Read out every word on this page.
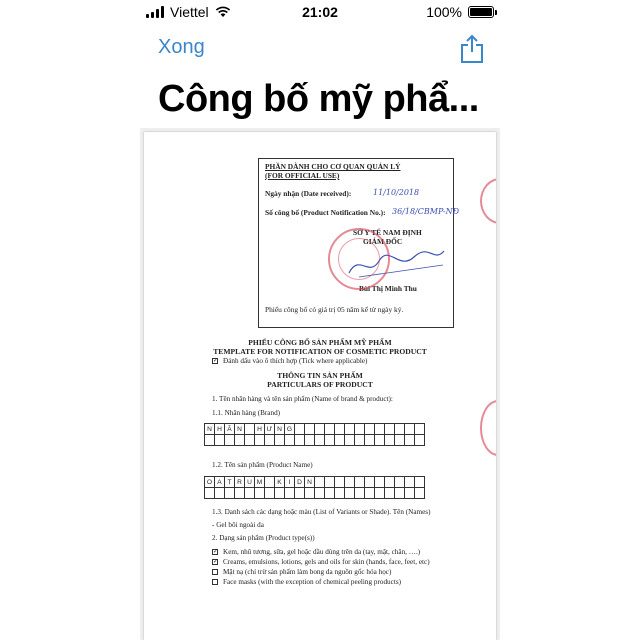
Viettel	21:02	100%
Xong
Công bố mỹ phẩ...
PHẦN DÀNH CHO CƠ QUAN QUẢN LÝ
(FOR OFFICIAL USE)
Ngày nhận (Date received):	11/10/2018
Số công bố (Product Notification No.): 36/18/CBMP-NĐ
SỞ Y TẾ NAM ĐỊNH
GIÁM ĐỐC
Bùi Thị Minh Thu
Phiếu công bố có giá trị 05 năm kể từ ngày ký.
PHIẾU CÔNG BỐ SẢN PHẨM MỸ PHẨM
TEMPLATE FOR NOTIFICATION OF COSMETIC PRODUCT
✓ Đánh dấu vào ô thích hợp (Tick where applicable)
THÔNG TIN SẢN PHẨM
PARTICULARS OF PRODUCT
1. Tên nhãn hàng và tên sản phẩm (Name of brand & product):
1.1. Nhãn hàng (Brand)
N H Ã N	H Ư N G
1.2. Tên sản phẩm (Product Name)
O A T R U M	K	I	D N
1.3. Danh sách các dạng hoặc màu (List of Variants or Shade). Tên (Names)
- Gel bôi ngoài da
2. Dạng sản phẩm (Product type(s))
✓ Kem, nhũ tương, sữa, gel hoặc dầu dùng trên da (tay, mặt, chân, ….)
✓ Creams, emulsions, lotions, gels and oils for skin (hands, face, feet, etc)
Mặt nạ (chỉ trừ sản phẩm làm bong da nguồn gốc hóa học)
Face masks (with the exception of chemical peeling products)
